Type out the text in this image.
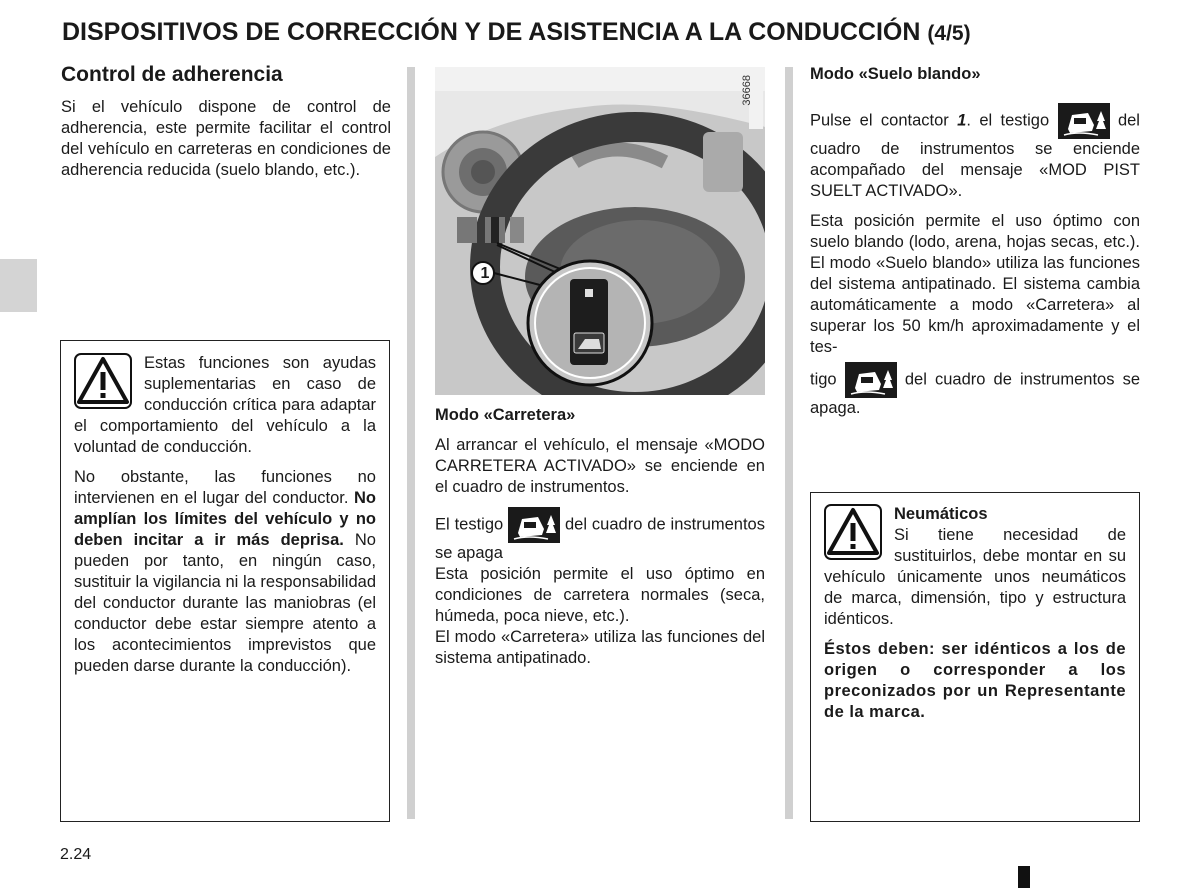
DISPOSITIVOS DE CORRECCIÓN Y DE ASISTENCIA A LA CONDUCCIÓN (4/5)
Control de adherencia
Si el vehículo dispone de control de adherencia, este permite facilitar el control del vehículo en carreteras en condiciones de adherencia reducida (suelo blando, etc.).

Estas funciones son ayudas suplementarias en caso de conducción crítica para adaptar el comportamiento del vehículo a la voluntad de conducción.

No obstante, las funciones no intervienen en el lugar del conductor. No amplían los límites del vehículo y no deben incitar a ir más deprisa. No pueden por tanto, en ningún caso, sustituir la vigilancia ni la responsabilidad del conductor durante las maniobras (el conductor debe estar siempre atento a los acontecimientos imprevistos que pueden darse durante la conducción).

36668
1

Modo «Carretera»

Al arrancar el vehículo, el mensaje «MODO CARRETERA ACTIVADO» se enciende en el cuadro de instrumentos.

El testigo	del cuadro de instrumentos se apaga

Esta posición permite el uso óptimo en condiciones de carretera normales (seca, húmeda, poca nieve, etc.).

El modo «Carretera» utiliza las funciones del sistema antipatinado.

Modo «Suelo blando»

Pulse el contactor 1. el testigo	del cuadro de instrumentos se enciende acompañado del mensaje «MOD PIST SUELT ACTIVADO».

Esta posición permite el uso óptimo con suelo blando (lodo, arena, hojas secas, etc.). El modo «Suelo blando» utiliza las funciones del sistema antipatinado. El sistema cambia automáticamente a modo «Carretera» al superar los 50 km/h aproximadamente y el tes-

tigo	del cuadro de instrumentos se apaga.

Neumáticos

Si tiene necesidad de sustituirlos, debe montar en su vehículo únicamente unos neumáticos de marca, dimensión, tipo y estructura idénticos.

Éstos deben: ser idénticos a los de origen o corresponder a los preconizados por un Representante de la marca.

2.24
